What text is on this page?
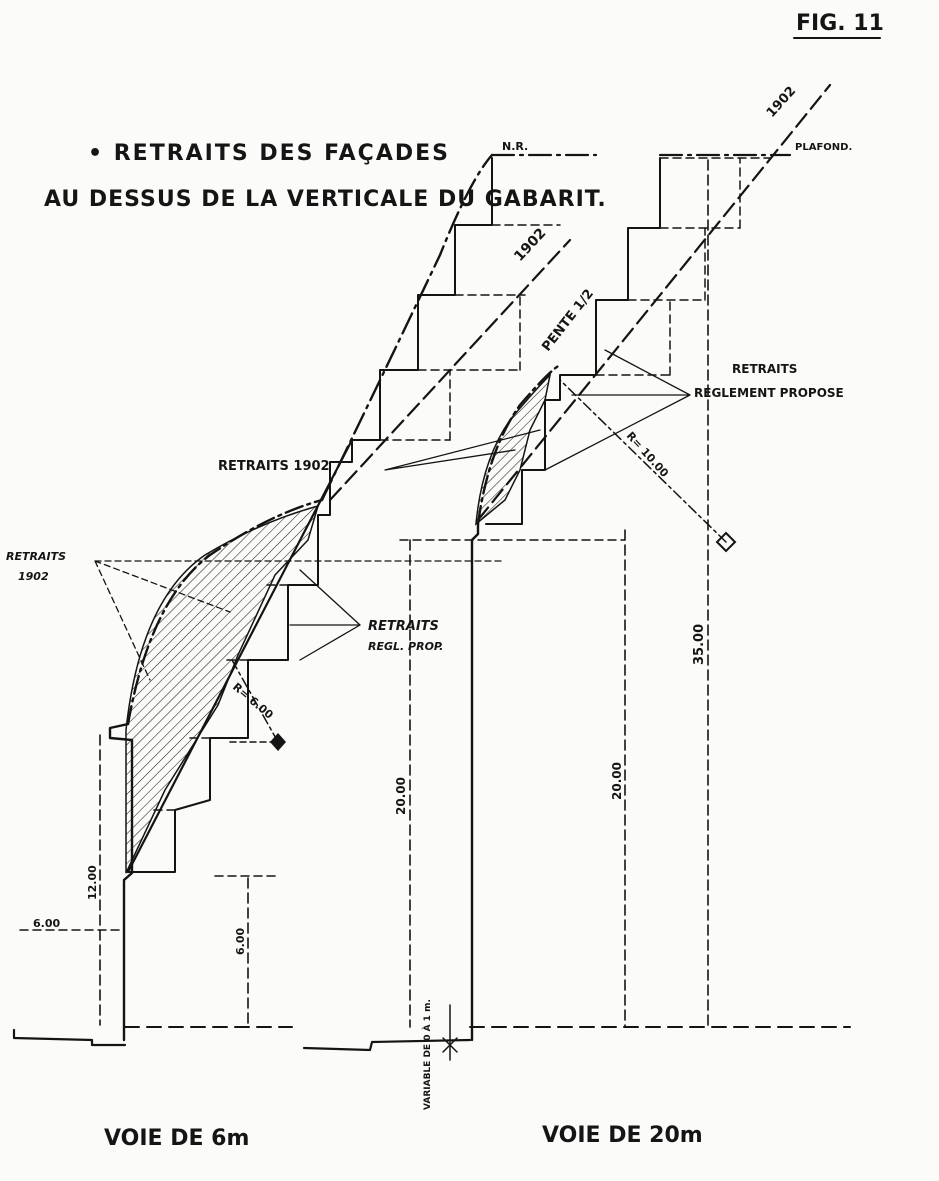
FIG. 11
• RETRAITS DES FAÇADES
AU DESSUS DE LA VERTICALE DU GABARIT.
N.R.	PLAFOND.
1902
1902
PENTE 1/2
RETRAITS
REGLEMENT PROPOSE
R= 10.00
RETRAITS 1902
RETRAITS
1902
RETRAITS
REGL. PROP.
R= 6.00
35.00
20.00
20.00
12.00
6.00
6.00
VARIABLE DE 0 À 1 m.
VOIE DE 6m	VOIE DE 20m
